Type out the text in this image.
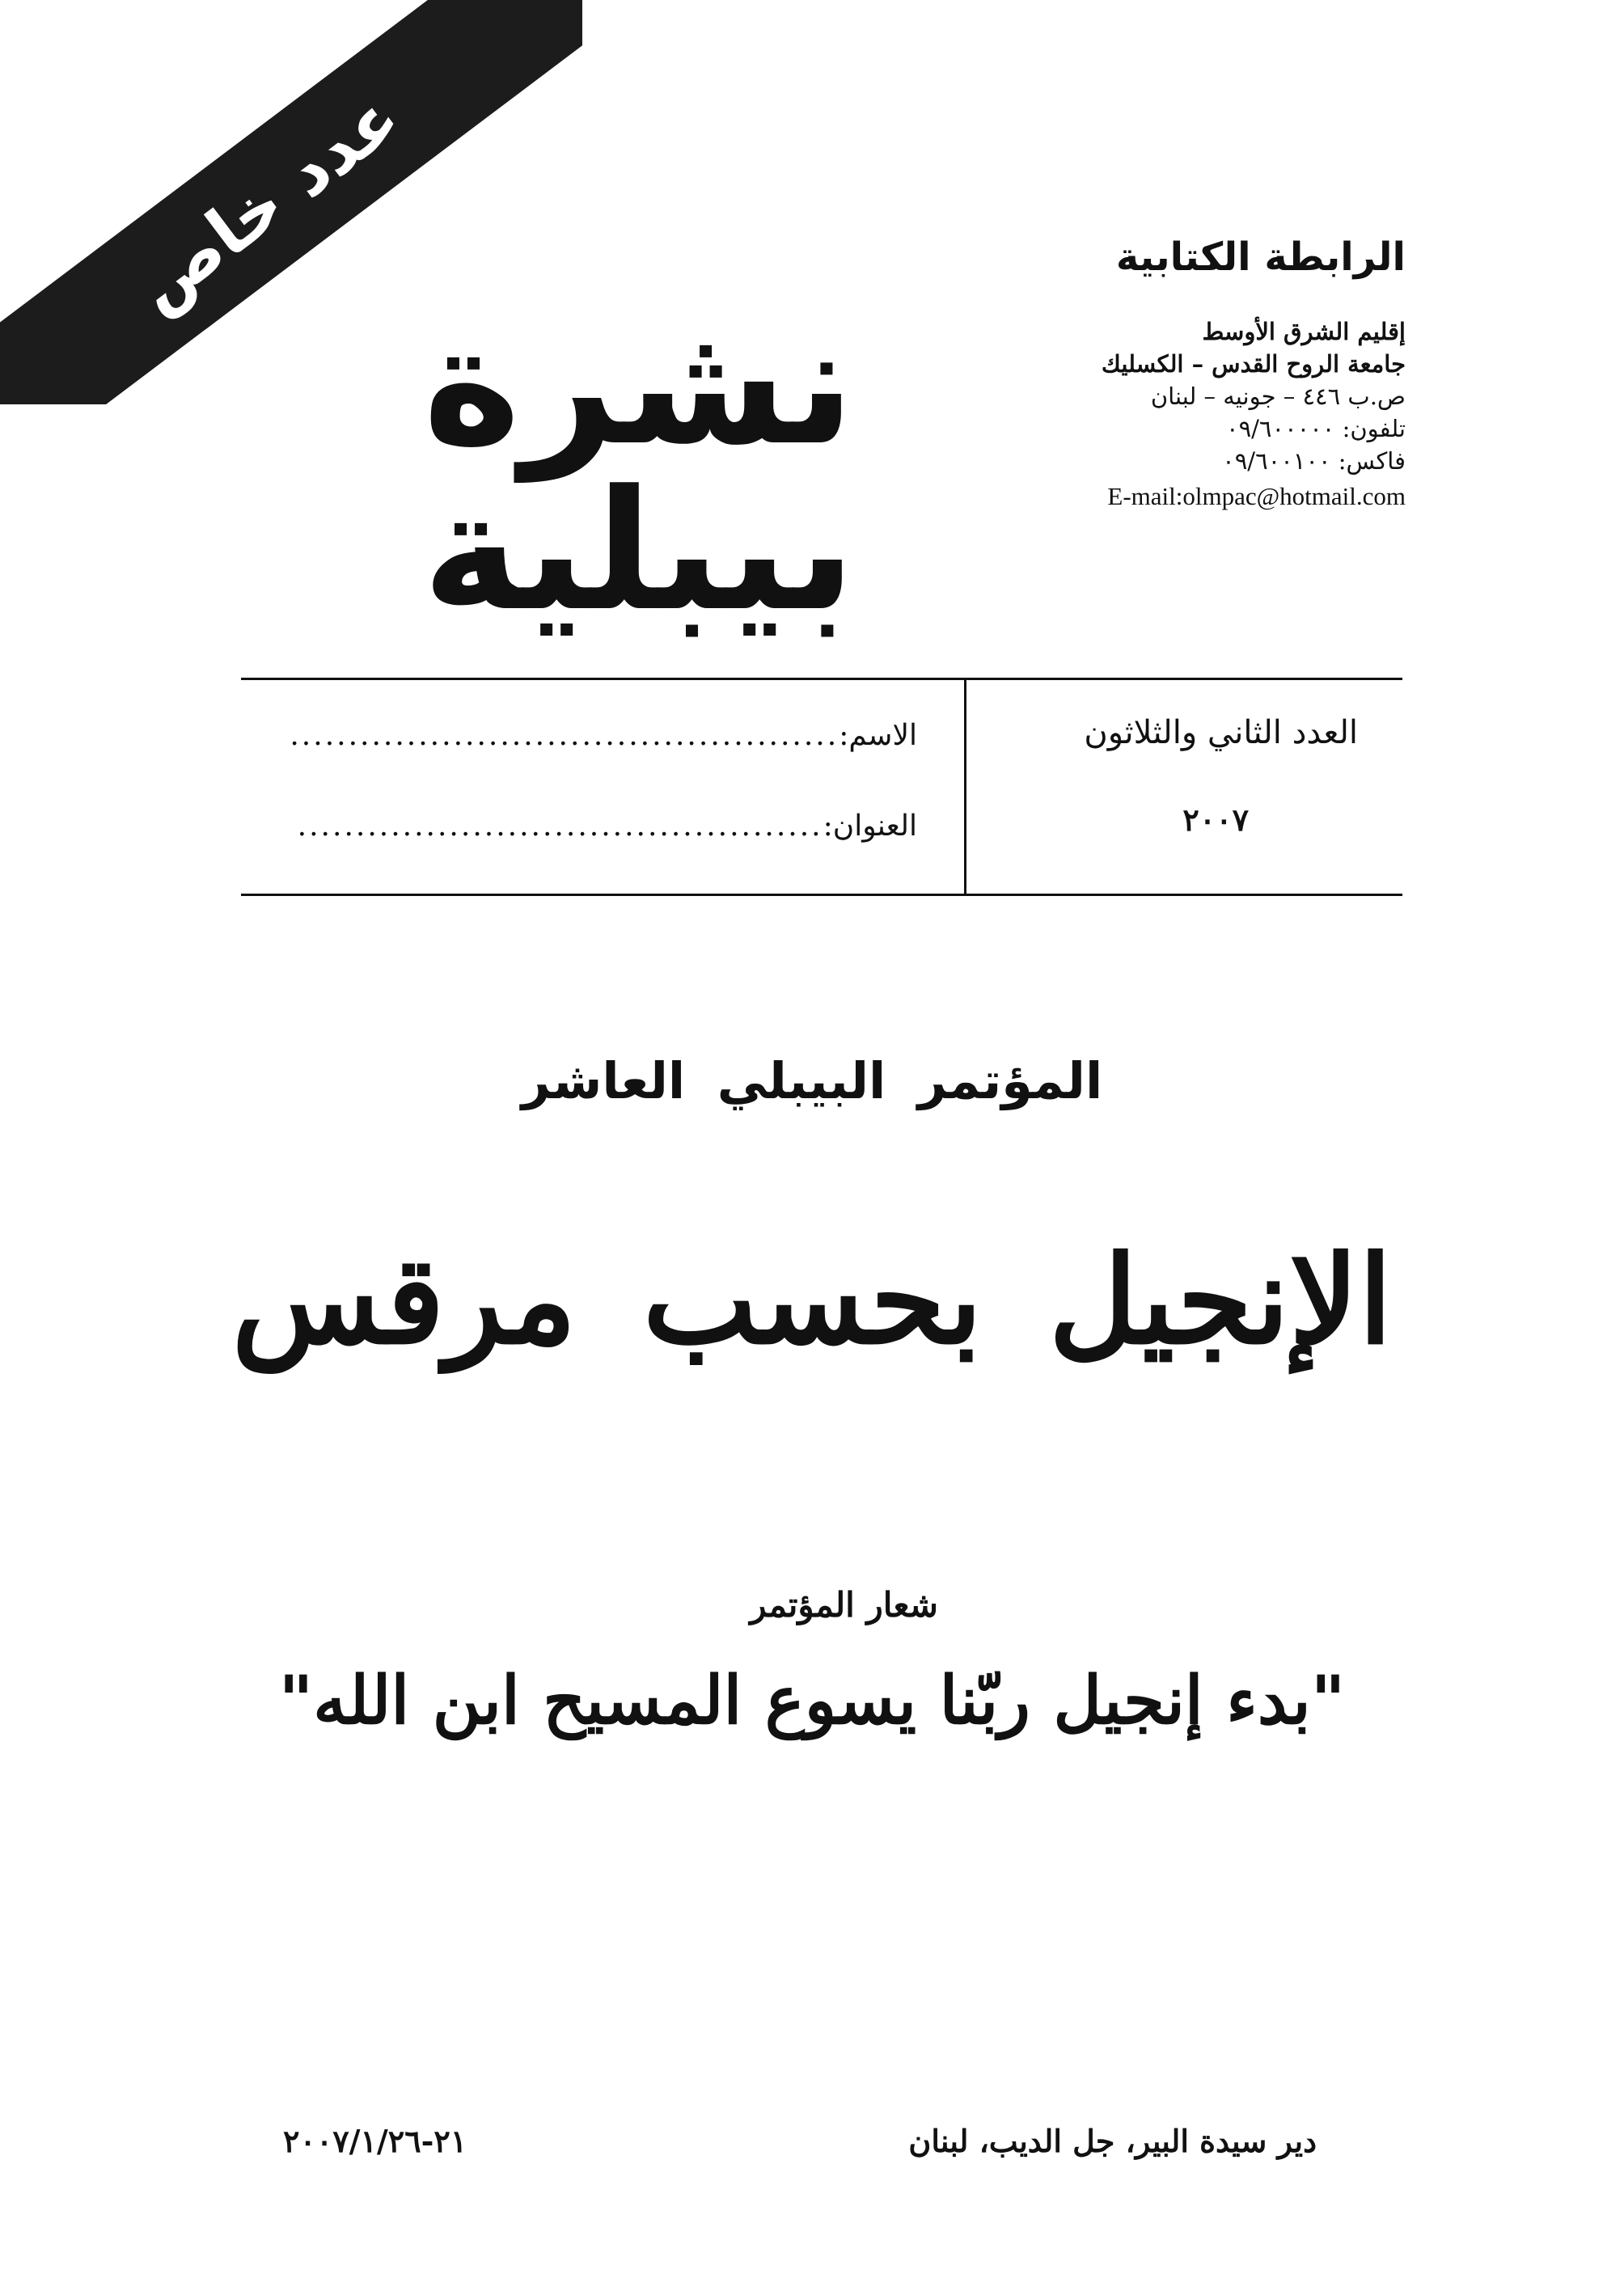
عدد خاص	الرابطة الكتابية
إقليم الشرق الأوسط
جامعة الروح القدس – الكسليك
ص.ب ٤٤٦ – جونيه – لبنان
تلفون: ٠٩/٦٠٠٠٠٠
فاكس: ٠٩/٦٠٠١٠٠
E-mail:olmpac@hotmail.com
نشرة بيبلية
العدد الثاني والثلاثون
٢٠٠٧
الاسم:
...............................................
العنوان:
.............................................
المؤتمر البيبلي العاشر
الإنجيل بحسب مرقس
شعار المؤتمر
"بدء إنجيل ربّنا يسوع المسيح ابن الله"
دير سيدة البير، جل الديب، لبنان
٢١-٢٠٠٧/١/٢٦
